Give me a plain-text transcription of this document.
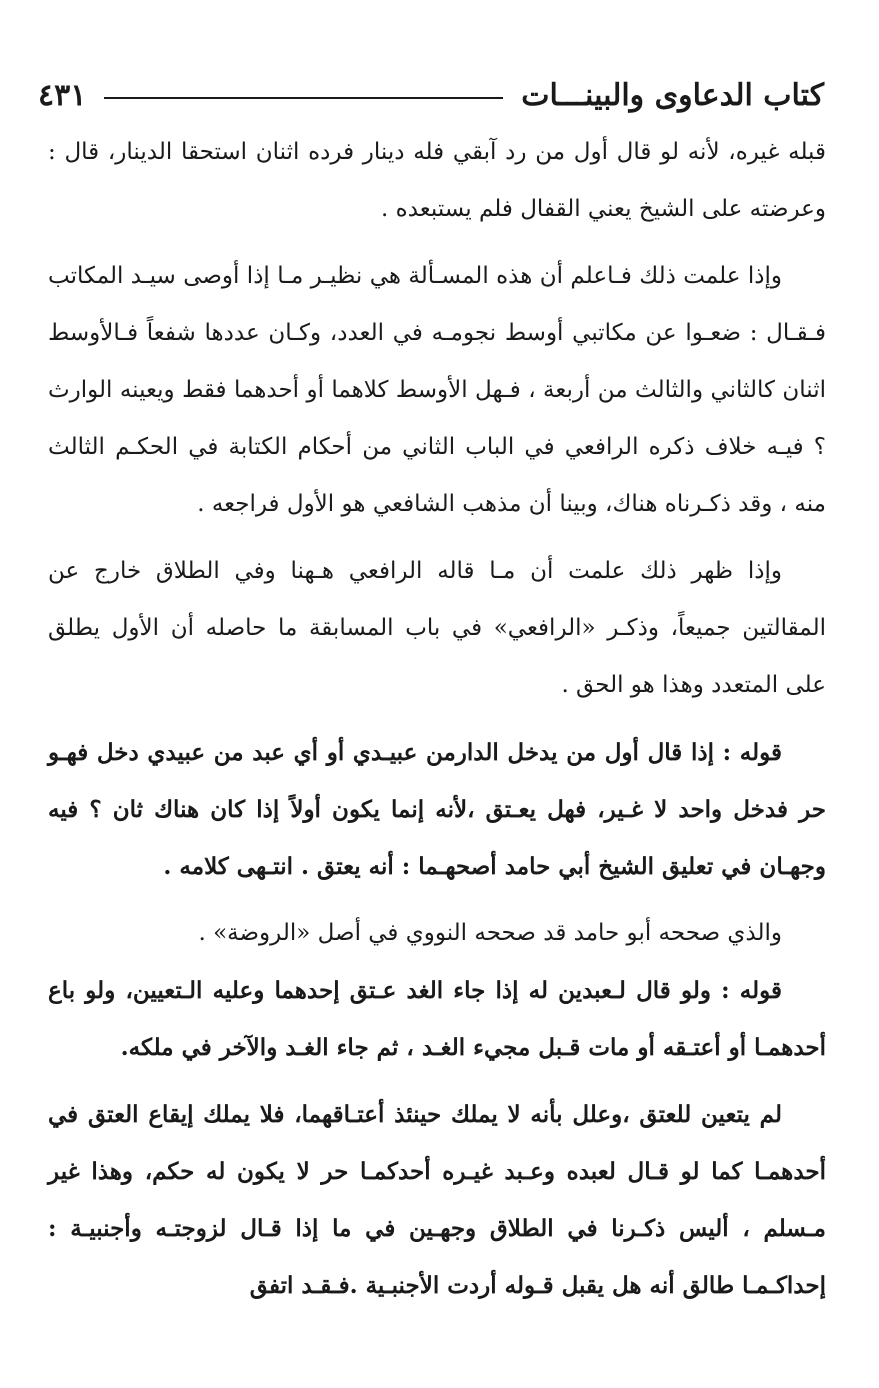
كتاب الدعاوى والبينـــات
٤٣١

قبله غيره، لأنه لو قال أول من رد آبقي فله دينار فرده اثنان استحقا الدينار، قال : وعرضته على الشيخ يعني القفال فلم يستبعده .

وإذا علمت ذلك فـاعلم أن هذه المسـألة هي نظيـر مـا إذا أوصى سيـد المكاتب فـقـال : ضعـوا عن مكاتبي أوسط نجومـه في العدد، وكـان عددها شفعاً فـالأوسط اثنان كالثاني والثالث من أربعة ، فـهل الأوسط كلاهما أو أحدهما فقط ويعينه الوارث ؟ فيـه خلاف ذكره الرافعي في الباب الثاني من أحكام الكتابة في الحكـم الثالث منه ، وقد ذكـرناه هناك، وبينا أن مذهب الشافعي هو الأول فراجعه .

وإذا ظهر ذلك علمت أن مـا قاله الرافعي هـهنا وفي الطلاق خارج عن المقالتين جميعاً، وذكـر «الرافعي» في باب المسابقة ما حاصله أن الأول يطلق على المتعدد وهذا هو الحق .

قوله : إذا قال أول من يدخل الدارمن عبيـدي أو أي عبد من عبيدي دخل فهـو حر فدخل واحد لا غـير، فهل يعـتق ،لأنه إنما يكون أولاً إذا كان هناك ثان ؟ فيه وجهـان في تعليق الشيخ أبي حامد أصحهـما : أنه يعتق . انتـهى كلامه .

والذي صححه أبو حامد قد صححه النووي في أصل «الروضة» .

قوله : ولو قال لـعبدين له إذا جاء الغد عـتق إحدهما وعليه الـتعيين، ولو باع أحدهمـا أو أعتـقه أو مات قـبل مجيء الغـد ، ثم جاء الغـد والآخر في ملكه.

لم يتعين للعتق ،وعلل بأنه لا يملك حينئذ أعتـاقهما، فلا يملك إيقاع العتق في أحدهمـا كما لو قـال لعبده وعـبد غيـره أحدكمـا حر لا يكون له حكم، وهذا غير مـسلم ، أليس ذكـرنا في الطلاق وجهـين في ما إذا قـال لزوجتـه وأجنبيـة : إحداكـمـا طالق أنه هل يقبل قـوله أردت الأجنبـية .فـقـد اتفق
